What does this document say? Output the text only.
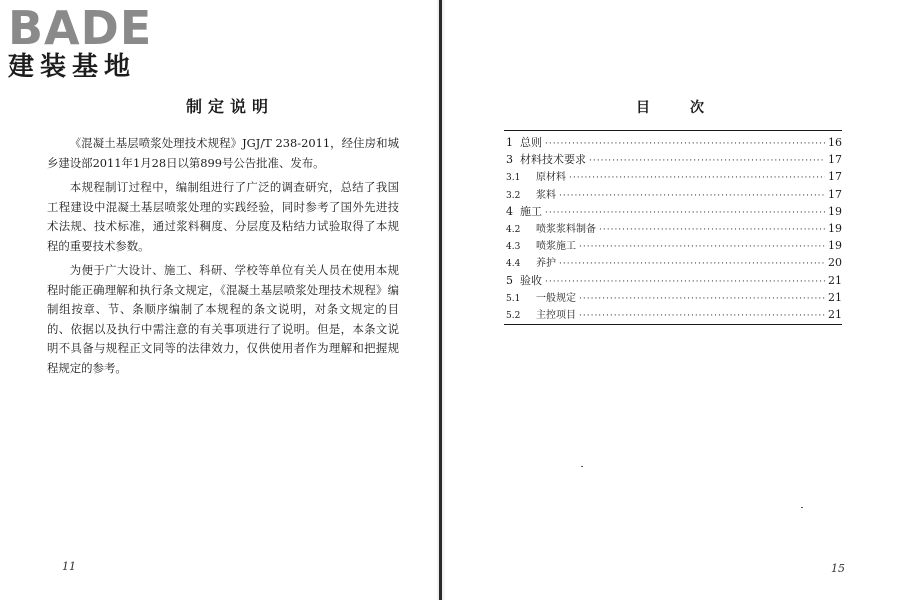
BADE
建装基地
制定说明

《混凝土基层喷浆处理技术规程》JGJ/T 238-2011，经住房和城乡建设部2011年1月28日以第899号公告批准、发布。

本规程制订过程中，编制组进行了广泛的调查研究，总结了我国工程建设中混凝土基层喷浆处理的实践经验，同时参考了国外先进技术法规、技术标准，通过浆料稠度、分层度及粘结力试验取得了本规程的重要技术参数。

为便于广大设计、施工、科研、学校等单位有关人员在使用本规程时能正确理解和执行条文规定，《混凝土基层喷浆处理技术规程》编制组按章、节、条顺序编制了本规程的条文说明，对条文规定的目的、依据以及执行中需注意的有关事项进行了说明。但是，本条文说明不具备与规程正文同等的法律效力，仅供使用者作为理解和把握规程规定的参考。

11
目次
1 总则 ·····	16
3 材料技术要求 ·····	17
3.1	原材料 ·····	17
3.2	浆料 ·····	17
4 施工 ·····	19
4.2	喷浆浆料制备 ·····	19
4.3	喷浆施工 ·····	19
4.4	养护 ·····	20
5 验收 ·····	21
5.1	一般规定 ·····	21
5.2	主控项目 ·····	21
15
